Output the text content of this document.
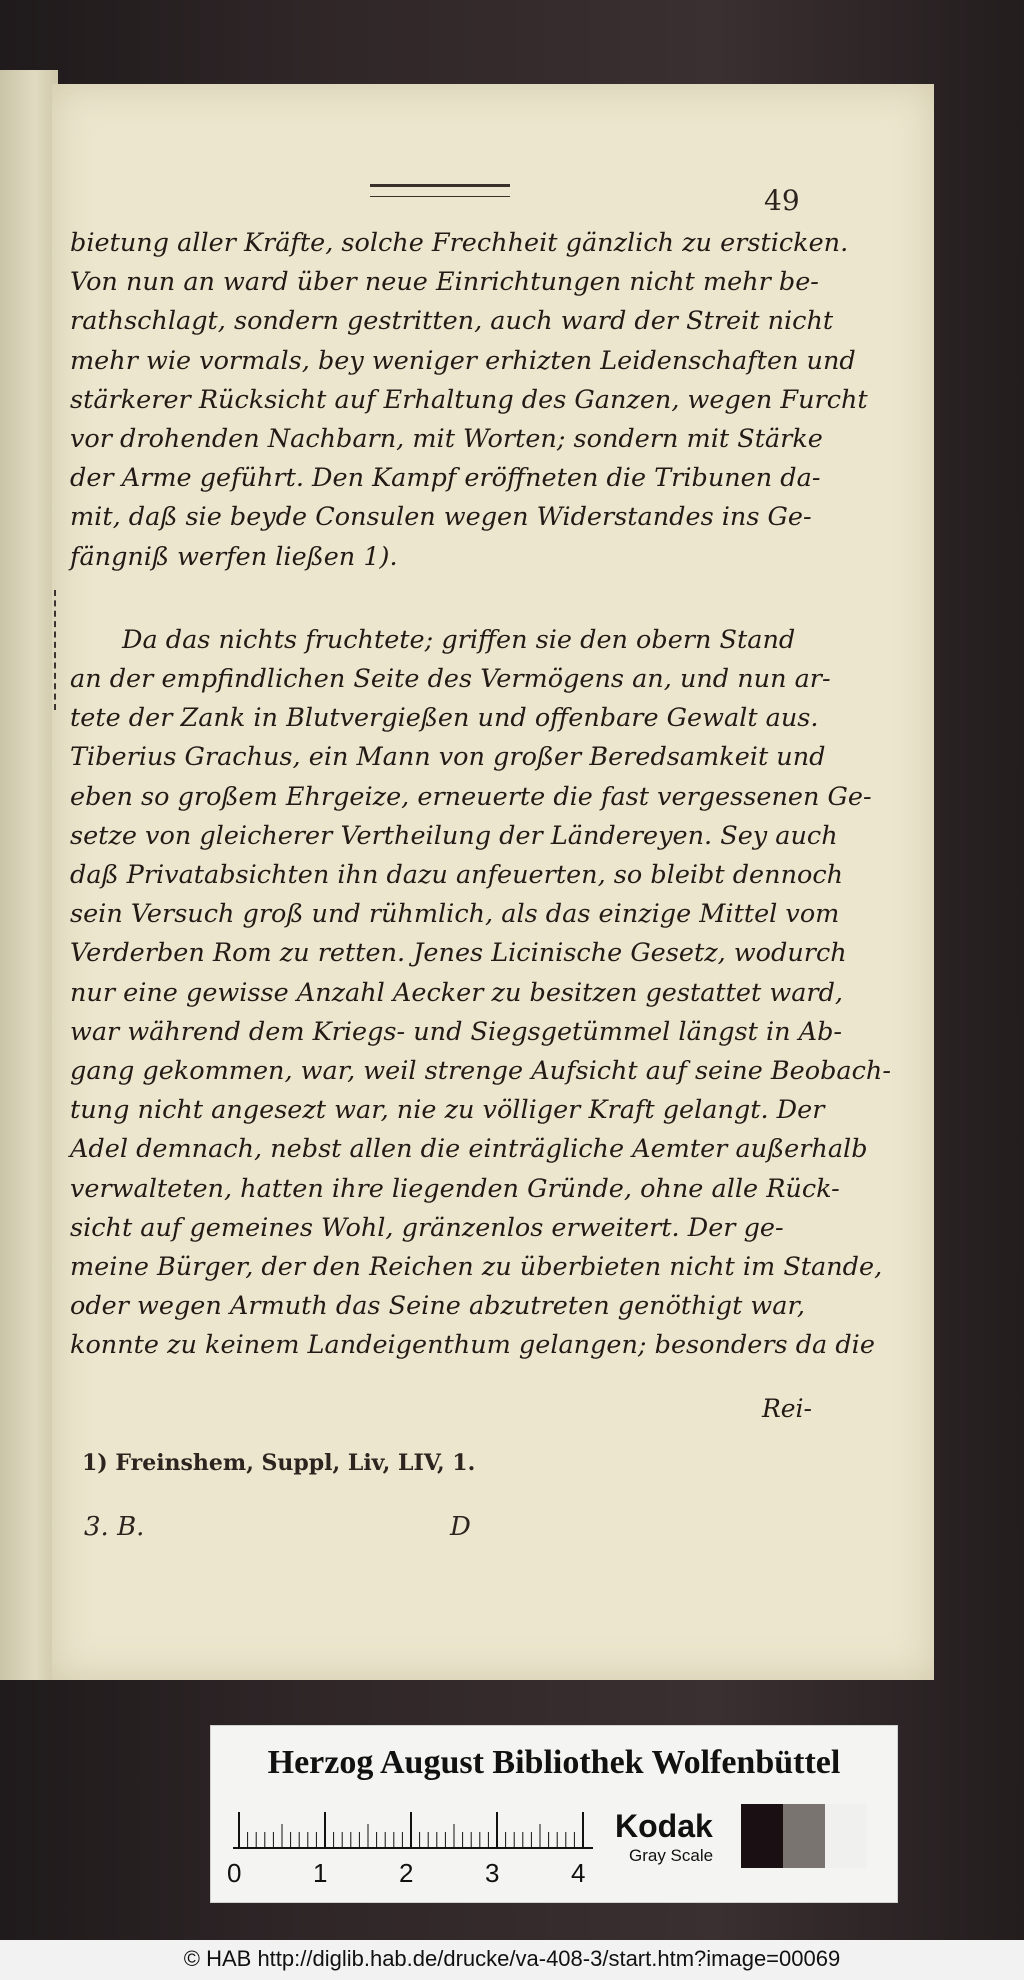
49
bietung aller Kräfte, solche Frechheit gänzlich zu ersticken.
Von nun an ward über neue Einrichtungen nicht mehr be-
rathschlagt, sondern gestritten, auch ward der Streit nicht
mehr wie vormals, bey weniger erhizten Leidenschaften und
stärkerer Rücksicht auf Erhaltung des Ganzen, wegen Furcht
vor drohenden Nachbarn, mit Worten; sondern mit Stärke
der Arme geführt. Den Kampf eröffneten die Tribunen da-
mit, daß sie beyde Consulen wegen Widerstandes ins Ge-
fängniß werfen ließen 1).
Da das nichts fruchtete; griffen sie den obern Stand
an der empfindlichen Seite des Vermögens an, und nun ar-
tete der Zank in Blutvergießen und offenbare Gewalt aus.
Tiberius Grachus, ein Mann von großer Beredsamkeit und
eben so großem Ehrgeize, erneuerte die fast vergessenen Ge-
setze von gleicherer Vertheilung der Ländereyen. Sey auch
daß Privatabsichten ihn dazu anfeuerten, so bleibt dennoch
sein Versuch groß und rühmlich, als das einzige Mittel vom
Verderben Rom zu retten. Jenes Licinische Gesetz, wodurch
nur eine gewisse Anzahl Aecker zu besitzen gestattet ward,
war während dem Kriegs- und Siegsgetümmel längst in Ab-
gang gekommen, war, weil strenge Aufsicht auf seine Beobach-
tung nicht angesezt war, nie zu völliger Kraft gelangt. Der
Adel demnach, nebst allen die einträgliche Aemter außerhalb
verwalteten, hatten ihre liegenden Gründe, ohne alle Rück-
sicht auf gemeines Wohl, gränzenlos erweitert. Der ge-
meine Bürger, der den Reichen zu überbieten nicht im Stande,
oder wegen Armuth das Seine abzutreten genöthigt war,
konnte zu keinem Landeigenthum gelangen; besonders da die
Rei-
1) Freinshem, Suppl, Liv, LIV, 1.
3. B.	D
Herzog August Bibliothek Wolfenbüttel
0	1	2	3	4
Kodak
Gray Scale
© HAB http://diglib.hab.de/drucke/va-408-3/start.htm?image=00069
